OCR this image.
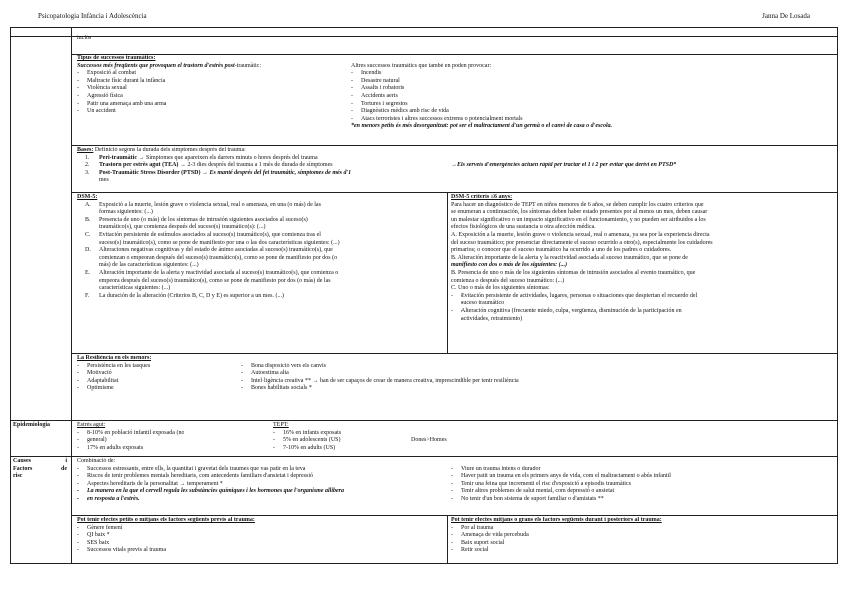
Psicopatologia Infància i Adolescència	Janna De Losada
inclòs
Tipus de successos traumàtics:
Successos més freqüents que provoquen el trastorn d'estrès post-traumàtic:
- Exposició al combat
- Maltracte físic durant la infància
- Violència sexual
- Agressió física
- Patir una amenaça amb una arma
- Un accident
Altres successos traumàtics que també en poden provocar:
- Incendis
- Desastre natural
- Assalts i robatoris
- Accidents aeris
- Tortures i segrestos
- Diagnòstics mèdics amb risc de vida
- Atacs terroristes i altres successos extrems o potencialment mortals
*en menors petits és més desorganitzat: pot ser el maltractament d'un germà o el canvi de casa o d'escola.
Bases: Definició segons la durada dels símptomes després del trauma:
1. Peri-traumàtic → Símptomes que apareixen els darrers minuts o hores després del trauma
2. Trastorn per estrès agut (TEA) → 2-3 dies després del trauma a 1 mès de durada de símptomes
3. Post-Traumàtic Stress Disorder (PTSD) → Es manté després del fet traumàtic, símptomes de més d'1
mes
→Els serveis d'emergències actuen ràpid per tractar el 1 i 2 per evitar que derivi en PTSD*
DSM-5:
A. Exposició a la muerte, lesión grave o violencia sexual, real o amenaza, en una (o más) de las
formas siguientes: (...)
B. Presencia de uno (o más) de los síntomas de intrusión siguientes asociados al suceso(s)
traumático(s), que comienza después del suceso(s) traumático(s): (...)
C. Evitación persistente de estímulos asociados al suceso(s) traumático(s), que comienza tras el
suceso(s) traumático(s), como se pone de manifiesto por una o las dos características siguientes: (...)
D. Alteraciones negativas cognitivas y del estado de ánimo asociadas al suceso(s) traumático(s), que
comienzan o empeoran después del suceso(s) traumático(s), como se pone de manifiesto por dos (o
más) de las características siguientes: (...)
E. Alteración importante de la alerta y reactividad asociada al suceso(s) traumático(s), que comienza o
empeora después del suceso(s) traumático(s), como se pone de manifiesto por dos (o más) de las
características siguientes: (...)
F. La duración de la alteración (Criterios B, C, D y E) es superior a un mes. (...)
DSM-5 criteris ≤6 anys:
Para hacer un diagnóstico de TEPT en niños menores de 6 años, se deben cumplir los cuatro criterios que
se enumeran a continuación, los síntomas deben haber estado presentes por al menos un mes, deben causar
un malestar significativo o un impacto significativo en el funcionamiento, y no pueden ser atribuidos a los
efectos fisiológicos de una sustancia u otra afección médica.
A. Exposición a la muerte, lesión grave o violencia sexual, real o amenaza, ya sea por la experiencia directa
del suceso traumático; por presenciar directamente el suceso ocurrido a otro(s), especialmente los cuidadores
primarios; o conocer que el suceso traumático ha ocurrido a uno de los padres o cuidadores.
B. Alteración importante de la alerta y la reactividad asociada al suceso traumático, que se pone de
manifiesto con dos o más de los siguientes: (...)
B. Presencia de uno o más de los siguientes síntomas de intrusión asociados al evento traumático, que
comienza o después del suceso traumático: (...)
C. Uno o más de los siguientes síntomas:
- - Evitación persistente de actividades, lugares, personas o situaciones que despiertan el recuerdo del
- suceso traumático
- - Alteración cognitiva (frecuente miedo, culpa, vergüenza, disminución de la participación en
- actividades, retraimiento)
La Resiliència en els menors:
- Persistència en les tasques
- Motivació
- Adaptabilitat
- Optimisme
- Bona disposició vers els canvis
- Autoestima alta
- Intel·ligència creativa ** → han de ser capaços de crear de manera creativa, imprescindible per tenir resiliència
- Bones habilitats socials *
Epidemiologia	Estrès agut:
- 8-10% en població infantil exposada (no
- general)
- 17% en adults exposats
TEPT:
- 16% en infants exposats
- 5% en adolescents (US)
- 7-10% en adults (US)
Dones>Homes
Causes	i
Factors	de
risc
Combinació de:
- Successos estressants, entre ells, la quantitat i gravetat dels traumes que vas patir en la teva
- Riscos de tenir problemes mentals hereditaris, com antecedents familiars d'ansietat i depressió
- Aspectes hereditaris de la personalitat → temperament *
- La manera en la que el cervell regula les substàncies químiques i les hormones que l'organisme allibera
- en resposta a l'estrès.
- Viure un trauma intens o durador
- Haver patit un trauma en els primers anys de vida, com el maltractament o abús infantil
- Tenir una feina que incrementi el risc d'exposició a episodis traumàtics
- Tenir altres problemes de salut mental, com depressió o ansietat
- No tenir d'un bon sistema de suport familiar o d'amistats **
Pot tenir efectes petits o mitjans els factors següents previs al trauma:
- Gènere femení
- QI baix *
- SES baix
- Successos vitals previs al trauma
Pot tenir efectes mitjans o grans els factors següents durant i posteriors al trauma:
- Por al trauma
- Amenaça de vida percebuda
- Baix suport social
- Retir social
